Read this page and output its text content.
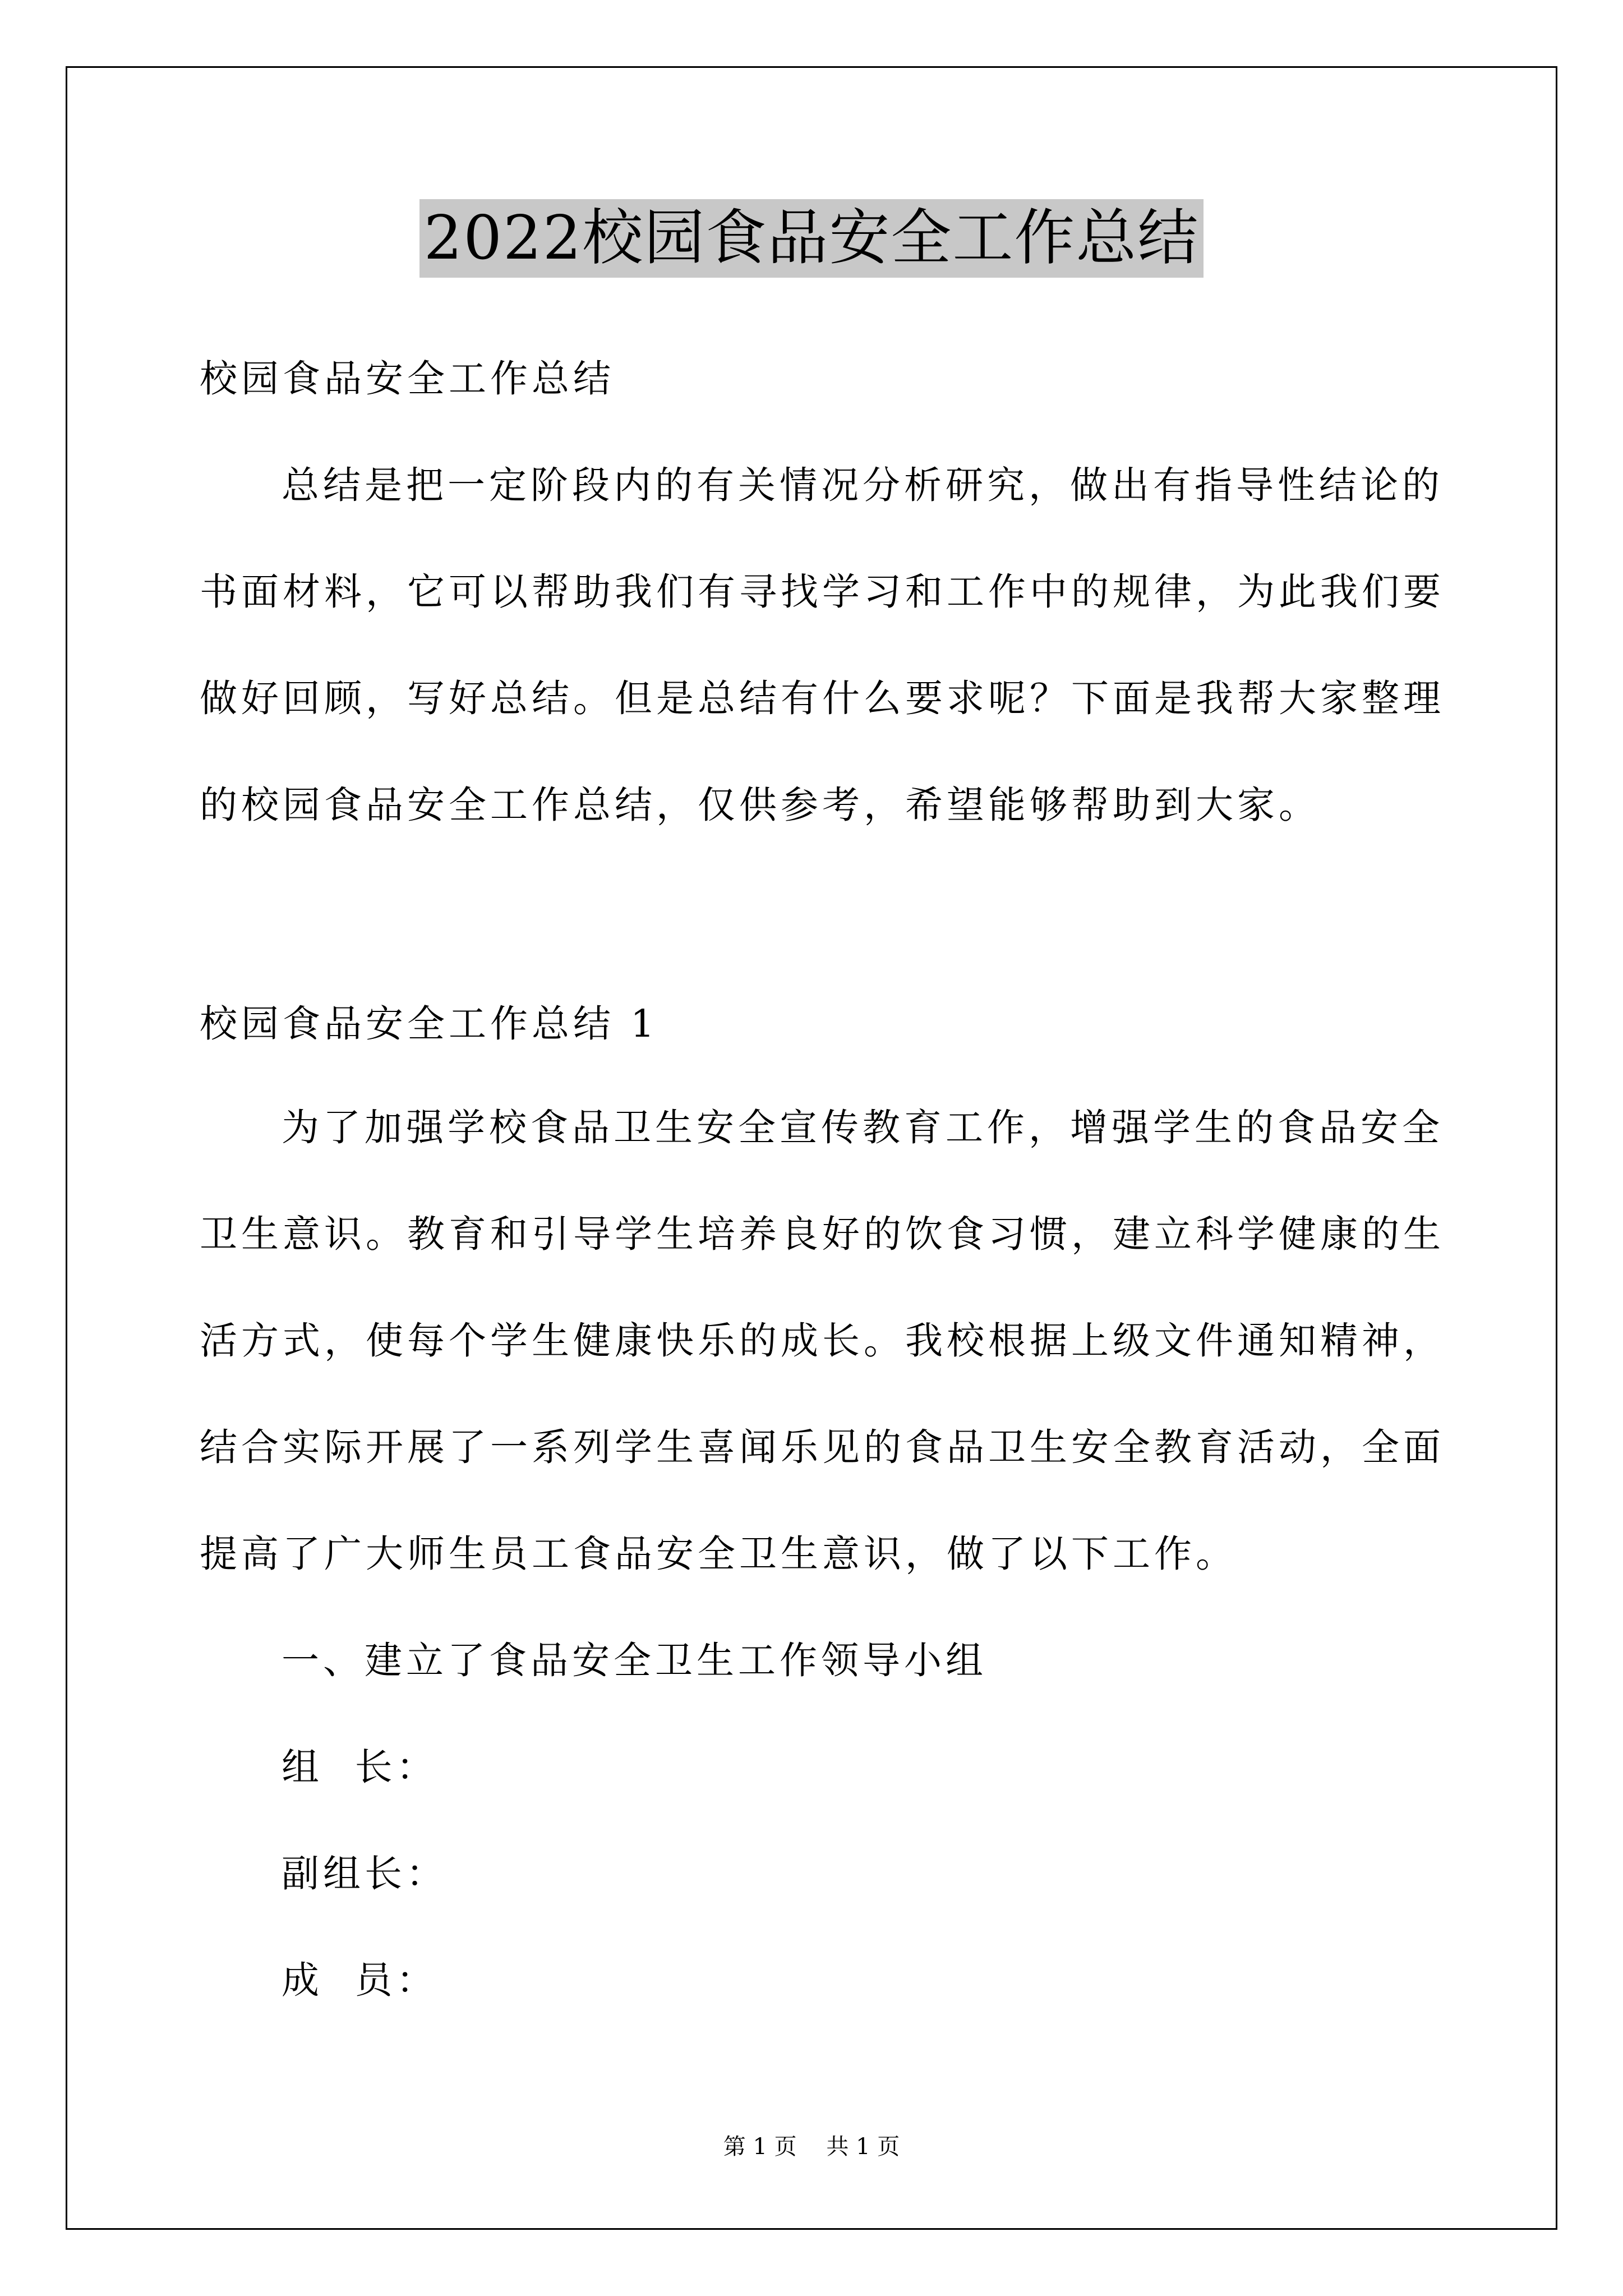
2022校园食品安全工作总结
校园食品安全工作总结
总结是把一定阶段内的有关情况分析研究，做出有指导性结论的
书面材料，它可以帮助我们有寻找学习和工作中的规律，为此我们要
做好回顾，写好总结。但是总结有什么要求呢？下面是我帮大家整理
的校园食品安全工作总结，仅供参考，希望能够帮助到大家。
校园食品安全工作总结 1
为了加强学校食品卫生安全宣传教育工作，增强学生的食品安全
卫生意识。教育和引导学生培养良好的饮食习惯，建立科学健康的生
活方式，使每个学生健康快乐的成长。我校根据上级文件通知精神，
结合实际开展了一系列学生喜闻乐见的食品卫生安全教育活动，全面
提高了广大师生员工食品安全卫生意识，做了以下工作。
一、建立了食品安全卫生工作领导小组
组  长：
副组长：
成  员：
第 1 页 共 1 页
